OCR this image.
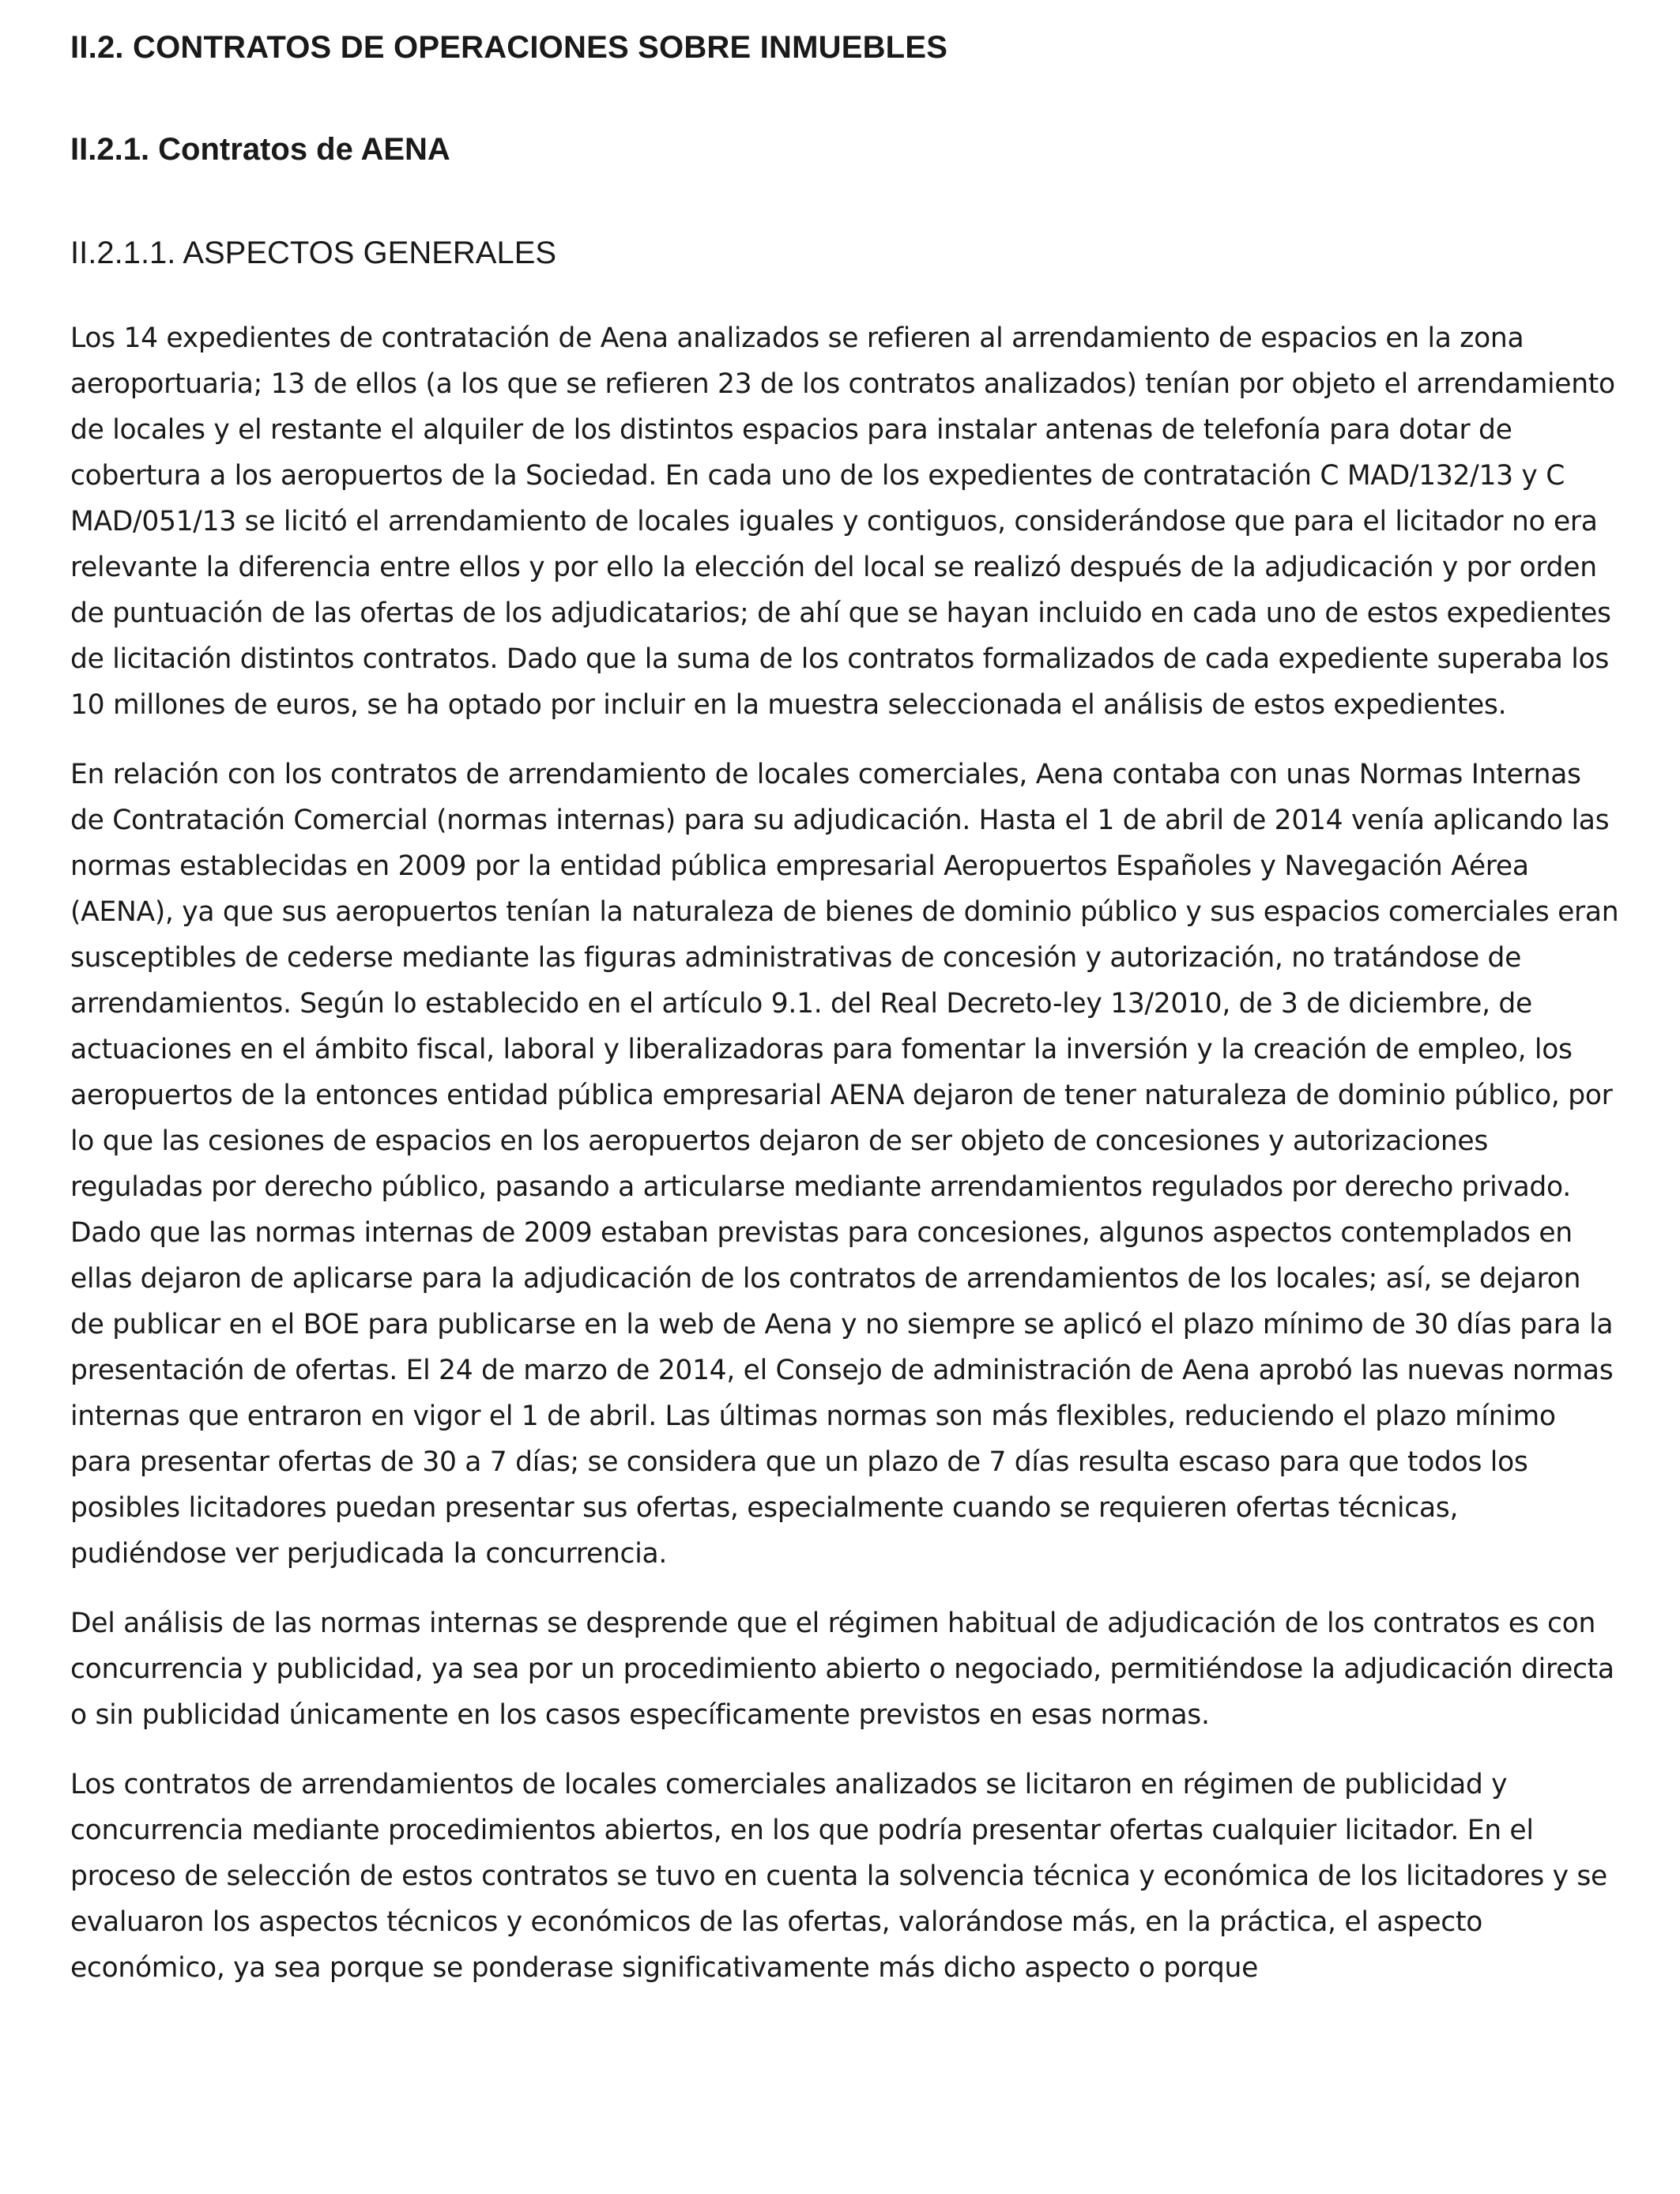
II.2. CONTRATOS DE OPERACIONES SOBRE INMUEBLES
II.2.1. Contratos de AENA
II.2.1.1. ASPECTOS GENERALES

Los 14 expedientes de contratación de Aena analizados se refieren al arrendamiento de espacios en la zona aeroportuaria; 13 de ellos (a los que se refieren 23 de los contratos analizados) tenían por objeto el arrendamiento de locales y el restante el alquiler de los distintos espacios para instalar antenas de telefonía para dotar de cobertura a los aeropuertos de la Sociedad. En cada uno de los expedientes de contratación C MAD/132/13 y C MAD/051/13 se licitó el arrendamiento de locales iguales y contiguos, considerándose que para el licitador no era relevante la diferencia entre ellos y por ello la elección del local se realizó después de la adjudicación y por orden de puntuación de las ofertas de los adjudicatarios; de ahí que se hayan incluido en cada uno de estos expedientes de licitación distintos contratos. Dado que la suma de los contratos formalizados de cada expediente superaba los 10 millones de euros, se ha optado por incluir en la muestra seleccionada el análisis de estos expedientes.

En relación con los contratos de arrendamiento de locales comerciales, Aena contaba con unas Normas Internas de Contratación Comercial (normas internas) para su adjudicación. Hasta el 1 de abril de 2014 venía aplicando las normas establecidas en 2009 por la entidad pública empresarial Aeropuertos Españoles y Navegación Aérea (AENA), ya que sus aeropuertos tenían la naturaleza de bienes de dominio público y sus espacios comerciales eran susceptibles de cederse mediante las figuras administrativas de concesión y autorización, no tratándose de arrendamientos. Según lo establecido en el artículo 9.1. del Real Decreto-ley 13/2010, de 3 de diciembre, de actuaciones en el ámbito fiscal, laboral y liberalizadoras para fomentar la inversión y la creación de empleo, los aeropuertos de la entonces entidad pública empresarial AENA dejaron de tener naturaleza de dominio público, por lo que las cesiones de espacios en los aeropuertos dejaron de ser objeto de concesiones y autorizaciones reguladas por derecho público, pasando a articularse mediante arrendamientos regulados por derecho privado. Dado que las normas internas de 2009 estaban previstas para concesiones, algunos aspectos contemplados en ellas dejaron de aplicarse para la adjudicación de los contratos de arrendamientos de los locales; así, se dejaron de publicar en el BOE para publicarse en la web de Aena y no siempre se aplicó el plazo mínimo de 30 días para la presentación de ofertas. El 24 de marzo de 2014, el Consejo de administración de Aena aprobó las nuevas normas internas que entraron en vigor el 1 de abril. Las últimas normas son más flexibles, reduciendo el plazo mínimo para presentar ofertas de 30 a 7 días; se considera que un plazo de 7 días resulta escaso para que todos los posibles licitadores puedan presentar sus ofertas, especialmente cuando se requieren ofertas técnicas, pudiéndose ver perjudicada la concurrencia.

Del análisis de las normas internas se desprende que el régimen habitual de adjudicación de los contratos es con concurrencia y publicidad, ya sea por un procedimiento abierto o negociado, permitiéndose la adjudicación directa o sin publicidad únicamente en los casos específicamente previstos en esas normas.

Los contratos de arrendamientos de locales comerciales analizados se licitaron en régimen de publicidad y concurrencia mediante procedimientos abiertos, en los que podría presentar ofertas cualquier licitador. En el proceso de selección de estos contratos se tuvo en cuenta la solvencia técnica y económica de los licitadores y se evaluaron los aspectos técnicos y económicos de las ofertas, valorándose más, en la práctica, el aspecto económico, ya sea porque se ponderase significativamente más dicho aspecto o porque
